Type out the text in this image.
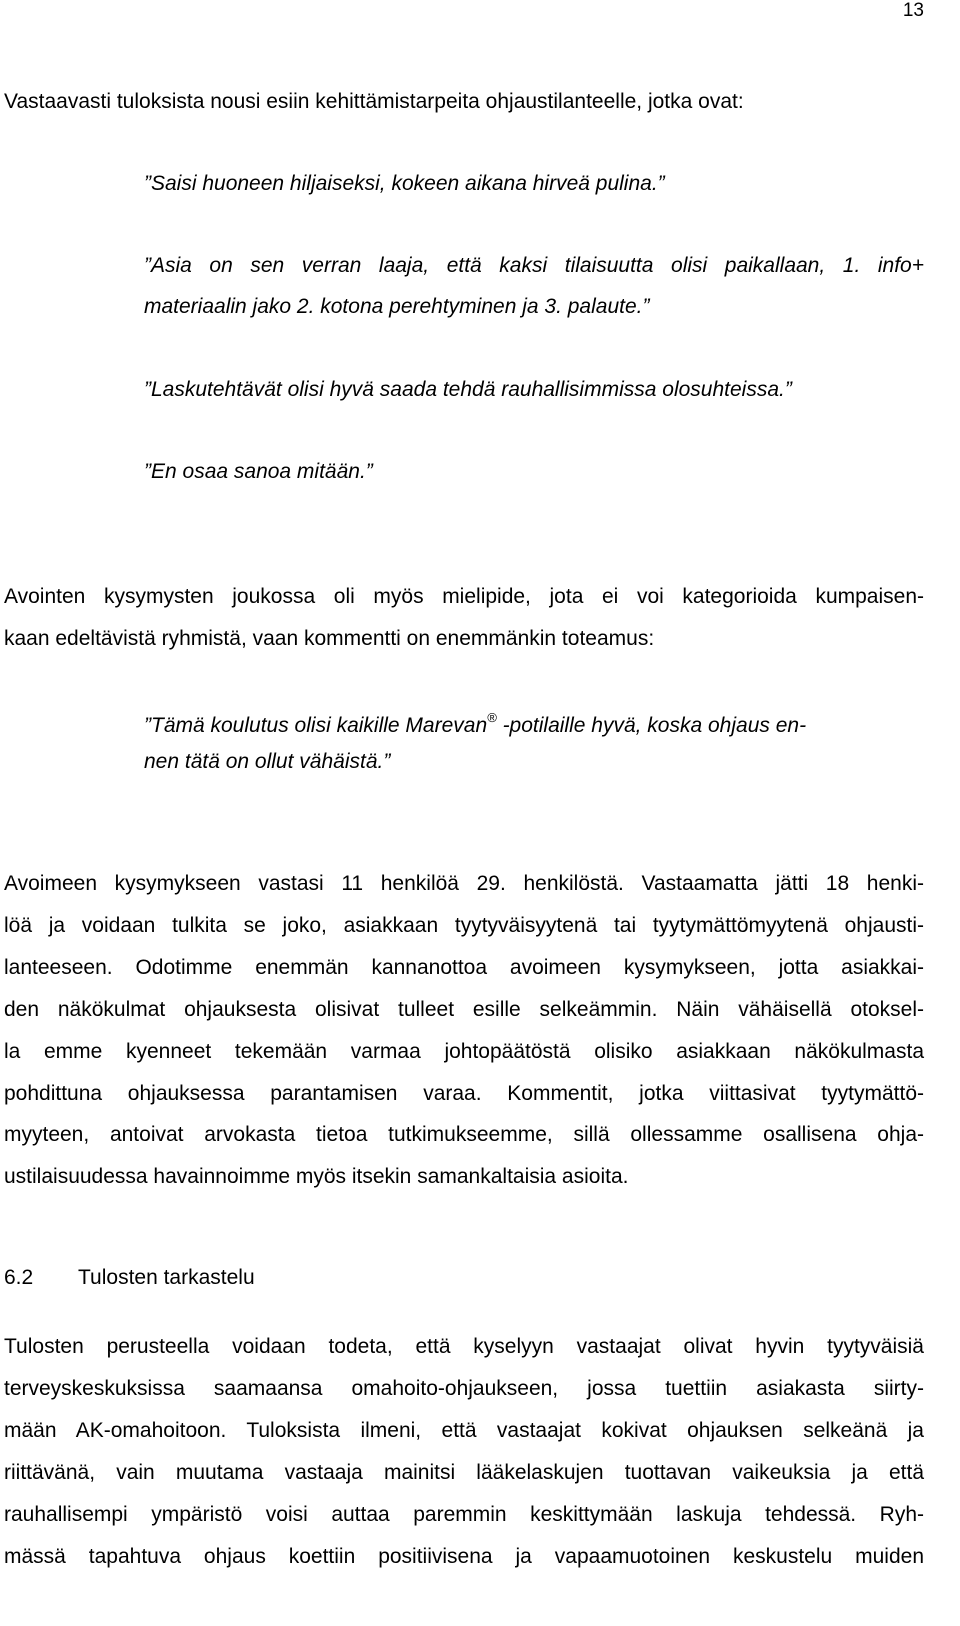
13
Vastaavasti tuloksista nousi esiin kehittämistarpeita ohjaustilanteelle, jotka ovat:
”Saisi huoneen hiljaiseksi, kokeen aikana hirveä pulina.”
”Asia on sen verran laaja, että kaksi tilaisuutta olisi paikallaan, 1. info+
materiaalin jako 2. kotona perehtyminen ja 3. palaute.”
”Laskutehtävät olisi hyvä saada tehdä rauhallisimmissa olosuhteissa.”
”En osaa sanoa mitään.”
Avointen kysymysten joukossa oli myös mielipide, jota ei voi kategorioida kumpaisen-
kaan edeltävistä ryhmistä, vaan kommentti on enemmänkin toteamus:
”Tämä koulutus olisi kaikille Marevan® -potilaille hyvä, koska ohjaus en-
nen tätä on ollut vähäistä.”
Avoimeen kysymykseen vastasi 11 henkilöä 29. henkilöstä. Vastaamatta jätti 18 henki-
löä ja voidaan tulkita se joko, asiakkaan tyytyväisyytenä tai tyytymättömyytenä ohjausti-
lanteeseen. Odotimme enemmän kannanottoa avoimeen kysymykseen, jotta asiakkai-
den näkökulmat ohjauksesta olisivat tulleet esille selkeämmin. Näin vähäisellä otoksel-
la emme kyenneet tekemään varmaa johtopäätöstä olisiko asiakkaan näkökulmasta
pohdittuna ohjauksessa parantamisen varaa. Kommentit, jotka viittasivat tyytymättö-
myyteen, antoivat arvokasta tietoa tutkimukseemme, sillä ollessamme osallisena ohja-
ustilaisuudessa havainnoimme myös itsekin samankaltaisia asioita.
6.2 Tulosten tarkastelu
Tulosten perusteella voidaan todeta, että kyselyyn vastaajat olivat hyvin tyytyväisiä
terveyskeskuksissa saamaansa omahoito-ohjaukseen, jossa tuettiin asiakasta siirty-
mään AK-omahoitoon. Tuloksista ilmeni, että vastaajat kokivat ohjauksen selkeänä ja
riittävänä, vain muutama vastaaja mainitsi lääkelaskujen tuottavan vaikeuksia ja että
rauhallisempi ympäristö voisi auttaa paremmin keskittymään laskuja tehdessä. Ryh-
mässä tapahtuva ohjaus koettiin positiivisena ja vapaamuotoinen keskustelu muiden
